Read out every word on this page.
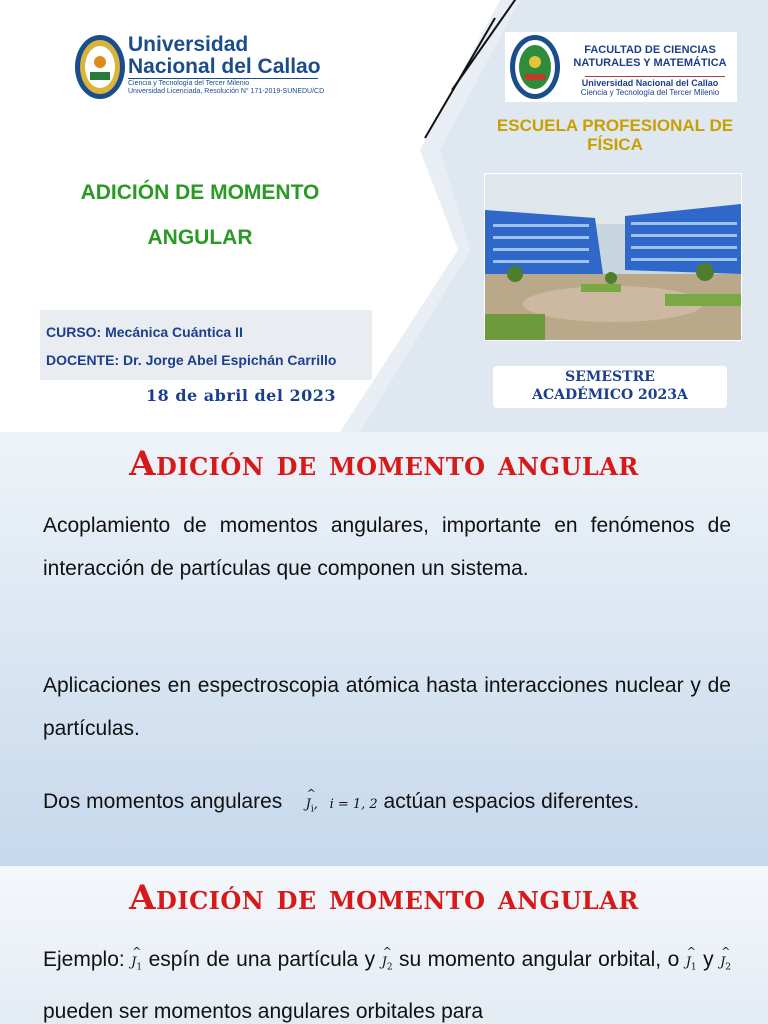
Universidad
Nacional del Callao
Ciencia y Tecnología del Tercer Milenio
Universidad Licenciada, Resolución N° 171-2019-SUNEDU/CD
FACULTAD DE CIENCIAS
NATURALES Y MATEMÁTICA
Universidad Nacional del Callao
Ciencia y Tecnología del Tercer Milenio
ESCUELA PROFESIONAL DE
FÍSICA
ADICIÓN DE MOMENTO
ANGULAR
CURSO: Mecánica Cuántica II
DOCENTE: Dr. Jorge Abel Espichán Carrillo
18 de abril del 2023
SEMESTRE
ACADÉMICO 2023A
Adición de momento angular
Acoplamiento de momentos angulares, importante en fenómenos de interacción de partículas que componen un sistema.
Aplicaciones en espectroscopia atómica hasta interacciones nuclear y de partículas.
Dos momentos angulares ^
$J_i$, i = 1, 2 actúan espacios diferentes.
Adición de momento angular
Ejemplo: ^
$J_1$ espín de una partícula y ^
$J_2$ su momento angular orbital, o ^
$J_1$ y ^
$J_2$ pueden ser momentos angulares orbitales para
